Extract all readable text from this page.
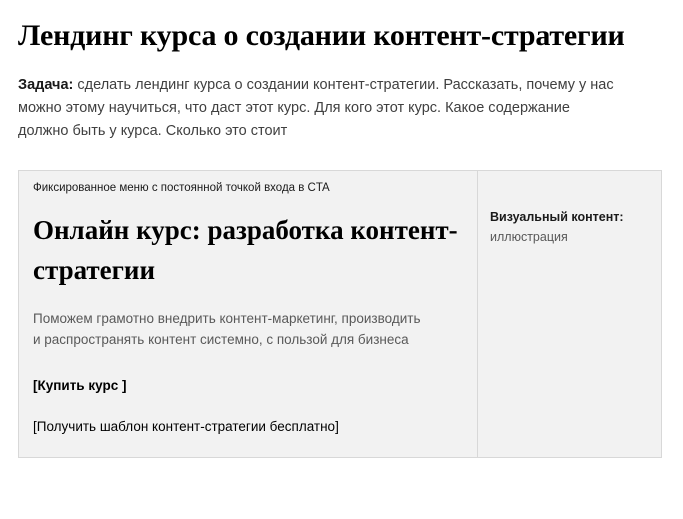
Лендинг курса о создании контент-стратегии

Задача: сделать лендинг курса о создании контент-стратегии. Рассказать, почему у нас можно этому научиться, что даст этот курс. Для кого этот курс. Какое содержание должно быть у курса. Сколько это стоит

Фиксированное меню с постоянной точкой входа в CTA

Онлайн курс: разработка контент-стратегии

Поможем грамотно внедрить контент-маркетинг, производить и распространять контент системно, с пользой для бизнеса

[Купить курс ]

[Получить шаблон контент-стратегии бесплатно]

Визуальный контент:

иллюстрация
